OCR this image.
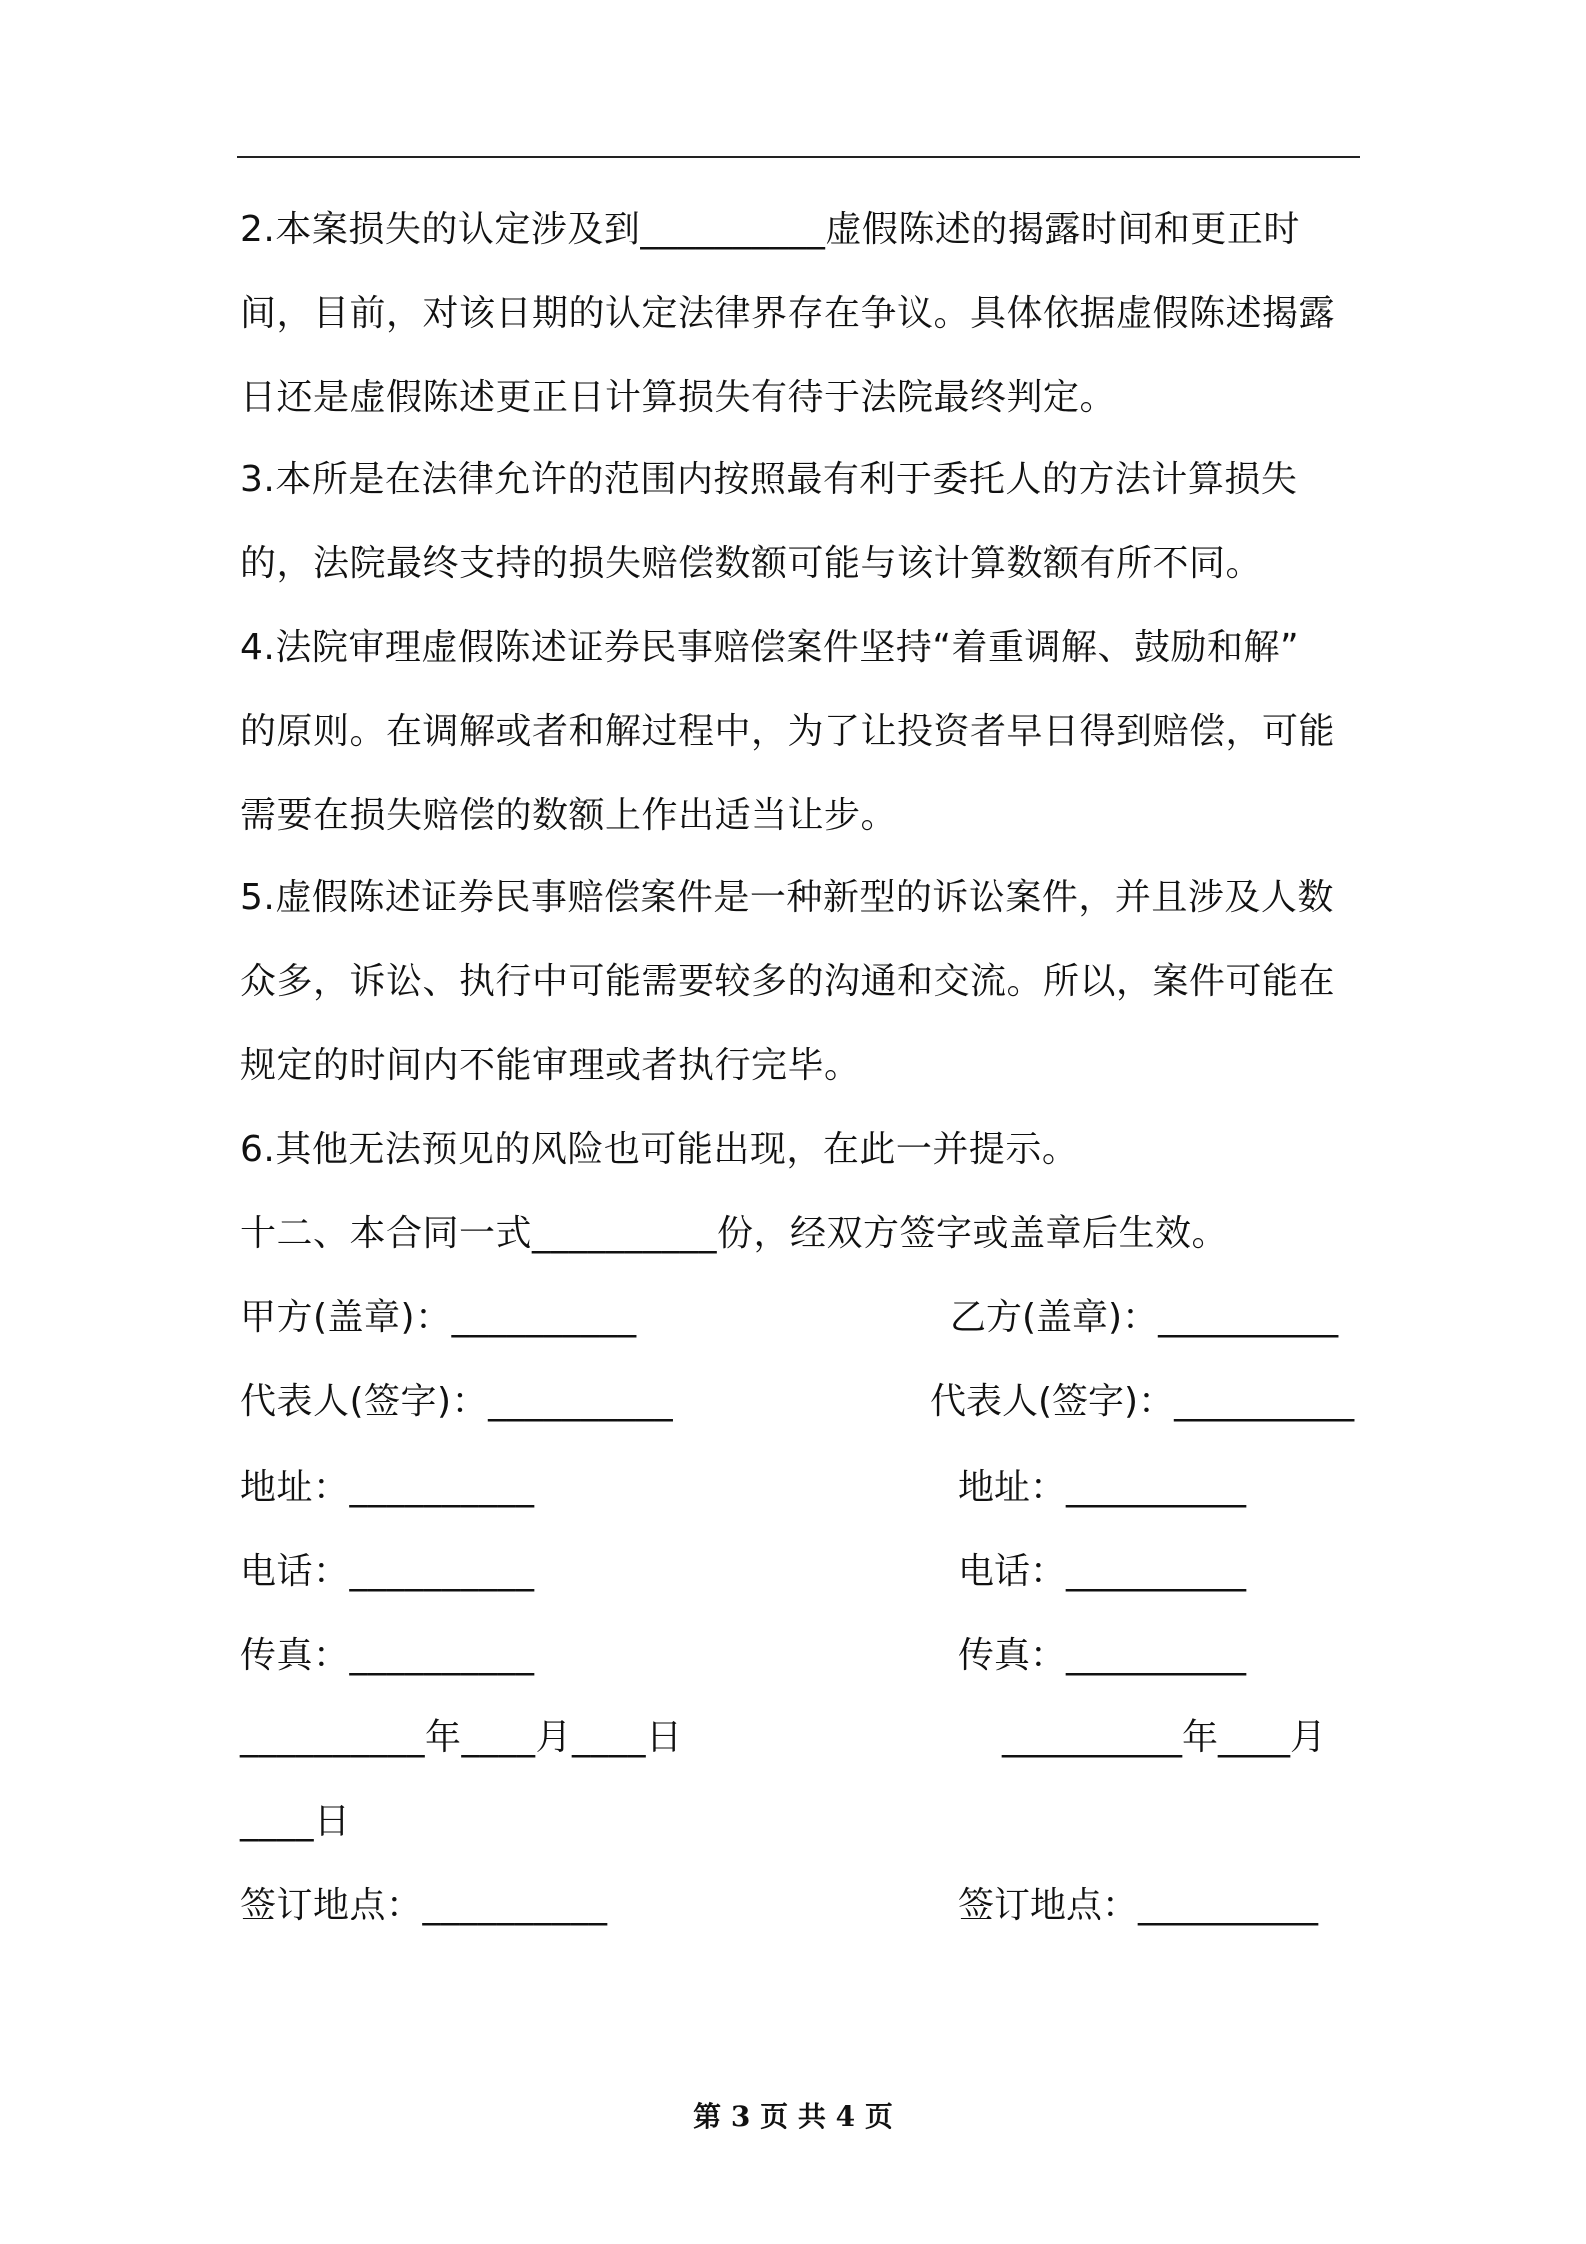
2.本案损失的认定涉及到__________虚假陈述的揭露时间和更正时
间，目前，对该日期的认定法律界存在争议。具体依据虚假陈述揭露
日还是虚假陈述更正日计算损失有待于法院最终判定。
3.本所是在法律允许的范围内按照最有利于委托人的方法计算损失
的，法院最终支持的损失赔偿数额可能与该计算数额有所不同。
4.法院审理虚假陈述证券民事赔偿案件坚持“着重调解、鼓励和解”
的原则。在调解或者和解过程中，为了让投资者早日得到赔偿，可能
需要在损失赔偿的数额上作出适当让步。
5.虚假陈述证券民事赔偿案件是一种新型的诉讼案件，并且涉及人数
众多，诉讼、执行中可能需要较多的沟通和交流。所以，案件可能在
规定的时间内不能审理或者执行完毕。
6.其他无法预见的风险也可能出现，在此一并提示。
十二、本合同一式__________份，经双方签字或盖章后生效。
甲方(盖章)：__________	乙方(盖章)：__________
代表人(签字)：__________	代表人(签字)：__________
地址：__________	地址：__________
电话：__________	电话：__________
传真：__________	传真：__________
__________年____月____日	__________年____月
____日
签订地点：__________	签订地点：__________
第 3 页 共 4 页
